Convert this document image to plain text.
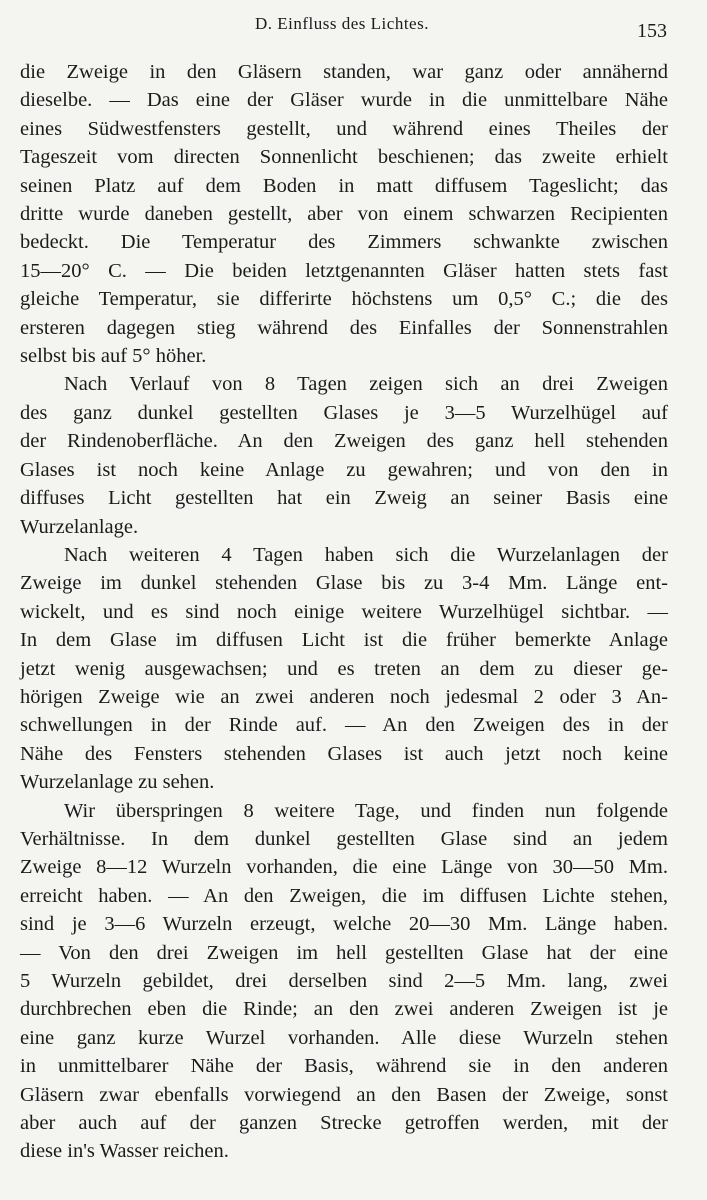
D. Einfluss des Lichtes.	153

die Zweige in den Gläsern standen, war ganz oder annähernd

dieselbe. — Das eine der Gläser wurde in die unmittelbare Nähe

eines Südwestfensters gestellt, und während eines Theiles der

Tageszeit vom directen Sonnenlicht beschienen; das zweite erhielt

seinen Platz auf dem Boden in matt diffusem Tageslicht; das

dritte wurde daneben gestellt, aber von einem schwarzen Recipienten

bedeckt. Die Temperatur des Zimmers schwankte zwischen

15—20° C. — Die beiden letztgenannten Gläser hatten stets fast

gleiche Temperatur, sie differirte höchstens um 0,5° C.; die des

ersteren dagegen stieg während des Einfalles der Sonnenstrahlen

selbst bis auf 5° höher.

Nach Verlauf von 8 Tagen zeigen sich an drei Zweigen

des ganz dunkel gestellten Glases je 3—5 Wurzelhügel auf

der Rindenoberfläche. An den Zweigen des ganz hell stehenden

Glases ist noch keine Anlage zu gewahren; und von den in

diffuses Licht gestellten hat ein Zweig an seiner Basis eine

Wurzelanlage.

Nach weiteren 4 Tagen haben sich die Wurzelanlagen der

Zweige im dunkel stehenden Glase bis zu 3-4 Mm. Länge ent-

wickelt, und es sind noch einige weitere Wurzelhügel sichtbar. —

In dem Glase im diffusen Licht ist die früher bemerkte Anlage

jetzt wenig ausgewachsen; und es treten an dem zu dieser ge-

hörigen Zweige wie an zwei anderen noch jedesmal 2 oder 3 An-

schwellungen in der Rinde auf. — An den Zweigen des in der

Nähe des Fensters stehenden Glases ist auch jetzt noch keine

Wurzelanlage zu sehen.

Wir überspringen 8 weitere Tage, und finden nun folgende

Verhältnisse. In dem dunkel gestellten Glase sind an jedem

Zweige 8—12 Wurzeln vorhanden, die eine Länge von 30—50 Mm.

erreicht haben. — An den Zweigen, die im diffusen Lichte stehen,

sind je 3—6 Wurzeln erzeugt, welche 20—30 Mm. Länge haben.

— Von den drei Zweigen im hell gestellten Glase hat der eine

5 Wurzeln gebildet, drei derselben sind 2—5 Mm. lang, zwei

durchbrechen eben die Rinde; an den zwei anderen Zweigen ist je

eine ganz kurze Wurzel vorhanden. Alle diese Wurzeln stehen

in unmittelbarer Nähe der Basis, während sie in den anderen

Gläsern zwar ebenfalls vorwiegend an den Basen der Zweige, sonst

aber auch auf der ganzen Strecke getroffen werden, mit der

diese in's Wasser reichen.
